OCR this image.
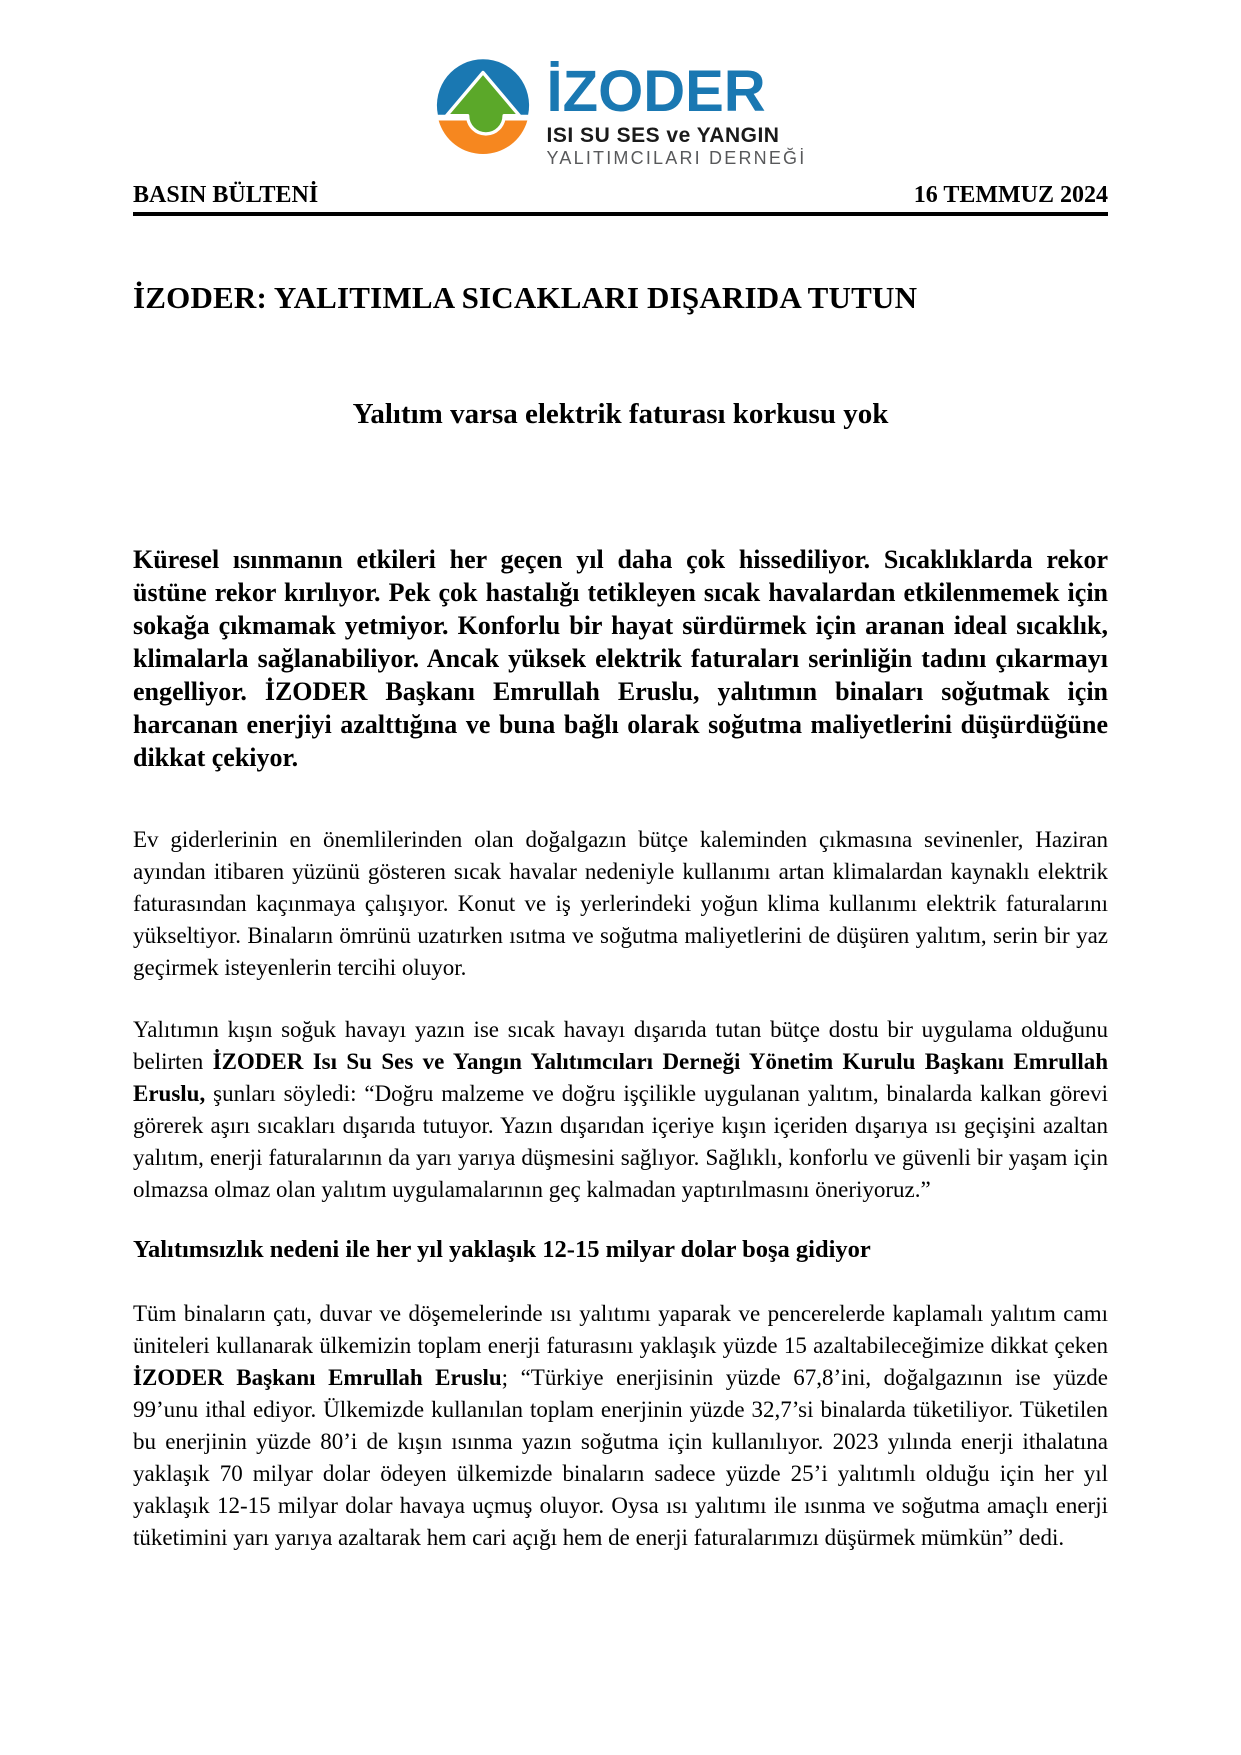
İZODER
ISI SU SES ve YANGIN
YALITIMCILARI DERNEĞİ
BASIN BÜLTENİ	16 TEMMUZ 2024
İZODER: YALITIMLA SICAKLARI DIŞARIDA TUTUN
Yalıtım varsa elektrik faturası korkusu yok
Küresel ısınmanın etkileri her geçen yıl daha çok hissediliyor. Sıcaklıklarda rekor üstüne rekor kırılıyor. Pek çok hastalığı tetikleyen sıcak havalardan etkilenmemek için sokağa çıkmamak yetmiyor. Konforlu bir hayat sürdürmek için aranan ideal sıcaklık, klimalarla sağlanabiliyor. Ancak yüksek elektrik faturaları serinliğin tadını çıkarmayı engelliyor. İZODER Başkanı Emrullah Eruslu, yalıtımın binaları soğutmak için harcanan enerjiyi azalttığına ve buna bağlı olarak soğutma maliyetlerini düşürdüğüne dikkat çekiyor.
Ev giderlerinin en önemlilerinden olan doğalgazın bütçe kaleminden çıkmasına sevinenler, Haziran ayından itibaren yüzünü gösteren sıcak havalar nedeniyle kullanımı artan klimalardan kaynaklı elektrik faturasından kaçınmaya çalışıyor. Konut ve iş yerlerindeki yoğun klima kullanımı elektrik faturalarını yükseltiyor. Binaların ömrünü uzatırken ısıtma ve soğutma maliyetlerini de düşüren yalıtım, serin bir yaz geçirmek isteyenlerin tercihi oluyor.
Yalıtımın kışın soğuk havayı yazın ise sıcak havayı dışarıda tutan bütçe dostu bir uygulama olduğunu belirten İZODER Isı Su Ses ve Yangın Yalıtımcıları Derneği Yönetim Kurulu Başkanı Emrullah Eruslu, şunları söyledi: “Doğru malzeme ve doğru işçilikle uygulanan yalıtım, binalarda kalkan görevi görerek aşırı sıcakları dışarıda tutuyor. Yazın dışarıdan içeriye kışın içeriden dışarıya ısı geçişini azaltan yalıtım, enerji faturalarının da yarı yarıya düşmesini sağlıyor. Sağlıklı, konforlu ve güvenli bir yaşam için olmazsa olmaz olan yalıtım uygulamalarının geç kalmadan yaptırılmasını öneriyoruz.”
Yalıtımsızlık nedeni ile her yıl yaklaşık 12-15 milyar dolar boşa gidiyor
Tüm binaların çatı, duvar ve döşemelerinde ısı yalıtımı yaparak ve pencerelerde kaplamalı yalıtım camı üniteleri kullanarak ülkemizin toplam enerji faturasını yaklaşık yüzde 15 azaltabileceğimize dikkat çeken İZODER Başkanı Emrullah Eruslu; “Türkiye enerjisinin yüzde 67,8’ini, doğalgazının ise yüzde 99’unu ithal ediyor. Ülkemizde kullanılan toplam enerjinin yüzde 32,7’si binalarda tüketiliyor. Tüketilen bu enerjinin yüzde 80’i de kışın ısınma yazın soğutma için kullanılıyor. 2023 yılında enerji ithalatına yaklaşık 70 milyar dolar ödeyen ülkemizde binaların sadece yüzde 25’i yalıtımlı olduğu için her yıl yaklaşık 12-15 milyar dolar havaya uçmuş oluyor. Oysa ısı yalıtımı ile ısınma ve soğutma amaçlı enerji tüketimini yarı yarıya azaltarak hem cari açığı hem de enerji faturalarımızı düşürmek mümkün” dedi.
